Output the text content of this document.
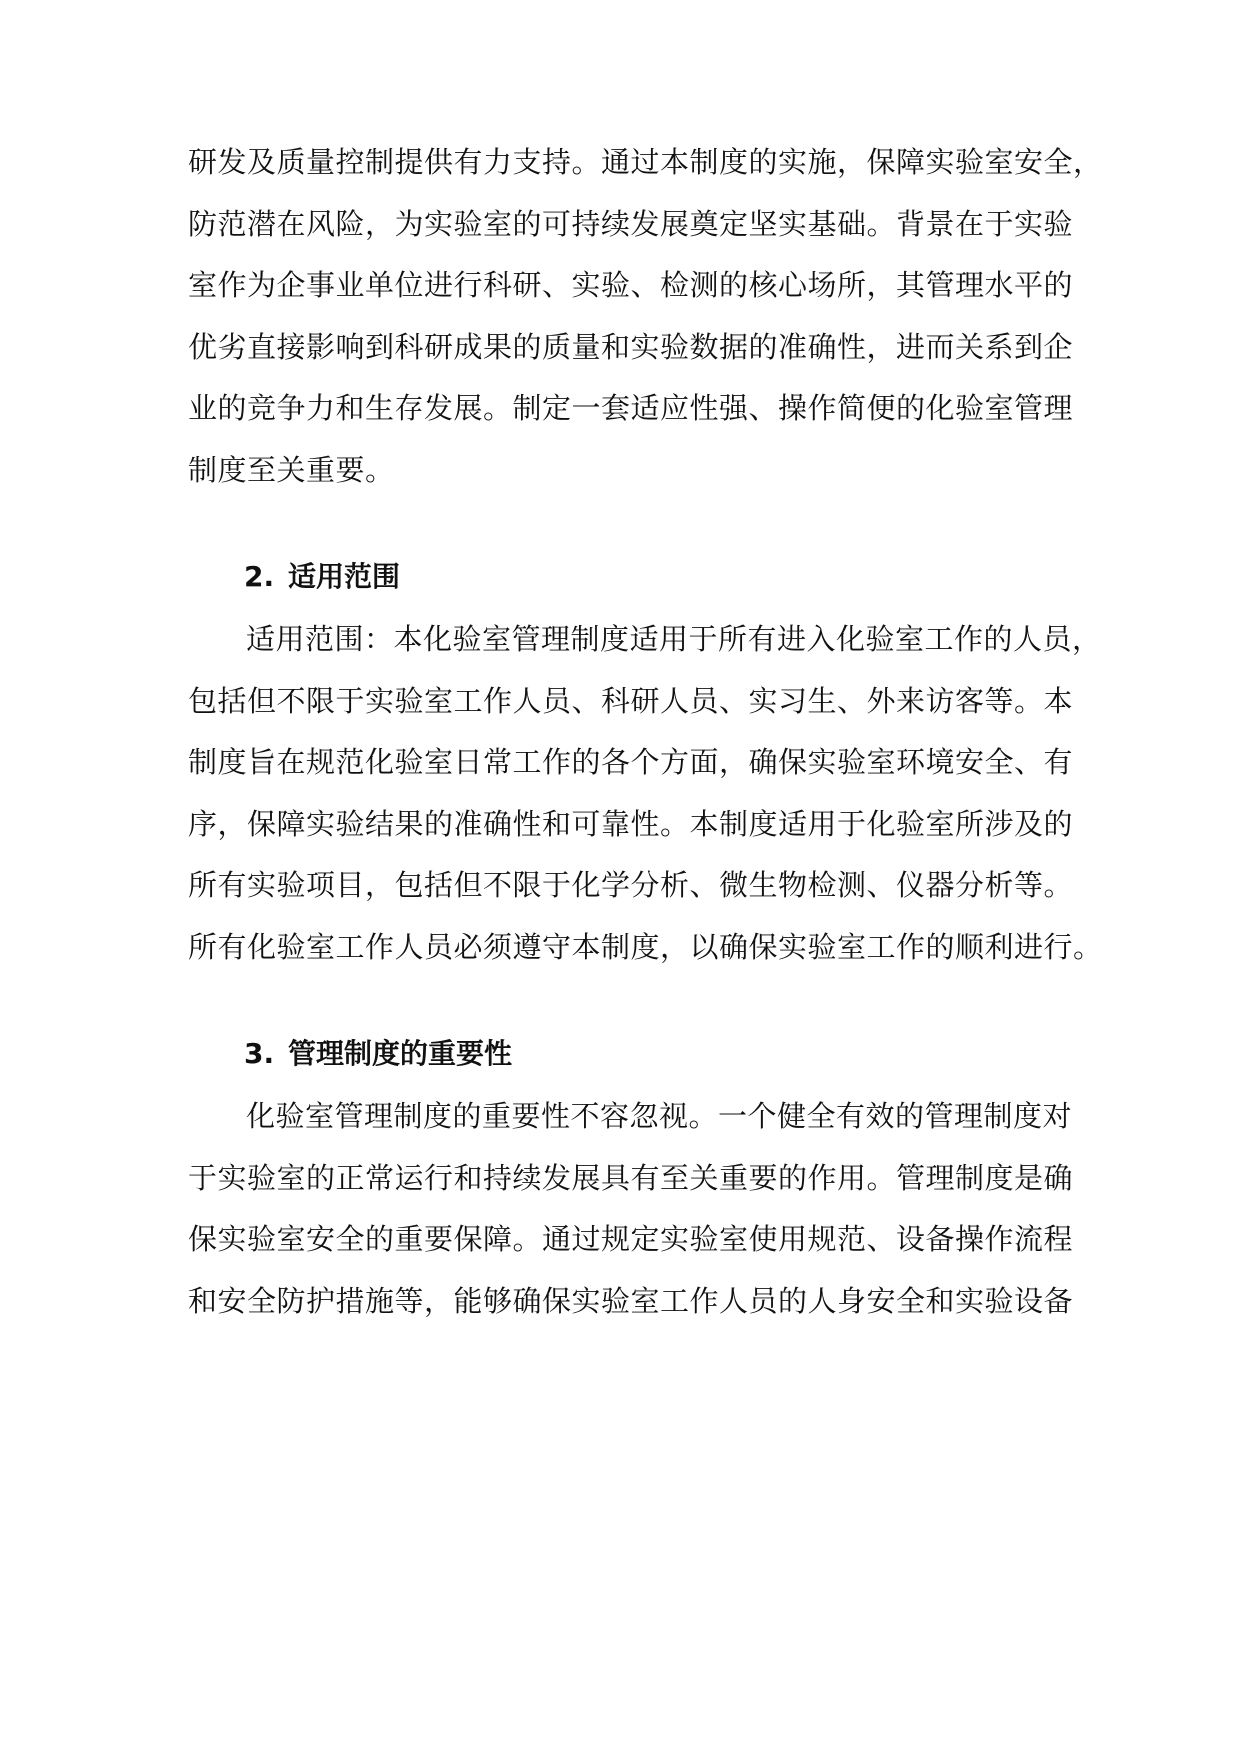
研发及质量控制提供有力支持。通过本制度的实施，保障实验室安全，
防范潜在风险，为实验室的可持续发展奠定坚实基础。背景在于实验
室作为企事业单位进行科研、实验、检测的核心场所，其管理水平的
优劣直接影响到科研成果的质量和实验数据的准确性，进而关系到企
业的竞争力和生存发展。制定一套适应性强、操作简便的化验室管理
制度至关重要。
2. 适用范围
适用范围：本化验室管理制度适用于所有进入化验室工作的人员，
包括但不限于实验室工作人员、科研人员、实习生、外来访客等。本
制度旨在规范化验室日常工作的各个方面，确保实验室环境安全、有
序，保障实验结果的准确性和可靠性。本制度适用于化验室所涉及的
所有实验项目，包括但不限于化学分析、微生物检测、仪器分析等。
所有化验室工作人员必须遵守本制度，以确保实验室工作的顺利进行。
3. 管理制度的重要性
化验室管理制度的重要性不容忽视。一个健全有效的管理制度对
于实验室的正常运行和持续发展具有至关重要的作用。管理制度是确
保实验室安全的重要保障。通过规定实验室使用规范、设备操作流程
和安全防护措施等，能够确保实验室工作人员的人身安全和实验设备
